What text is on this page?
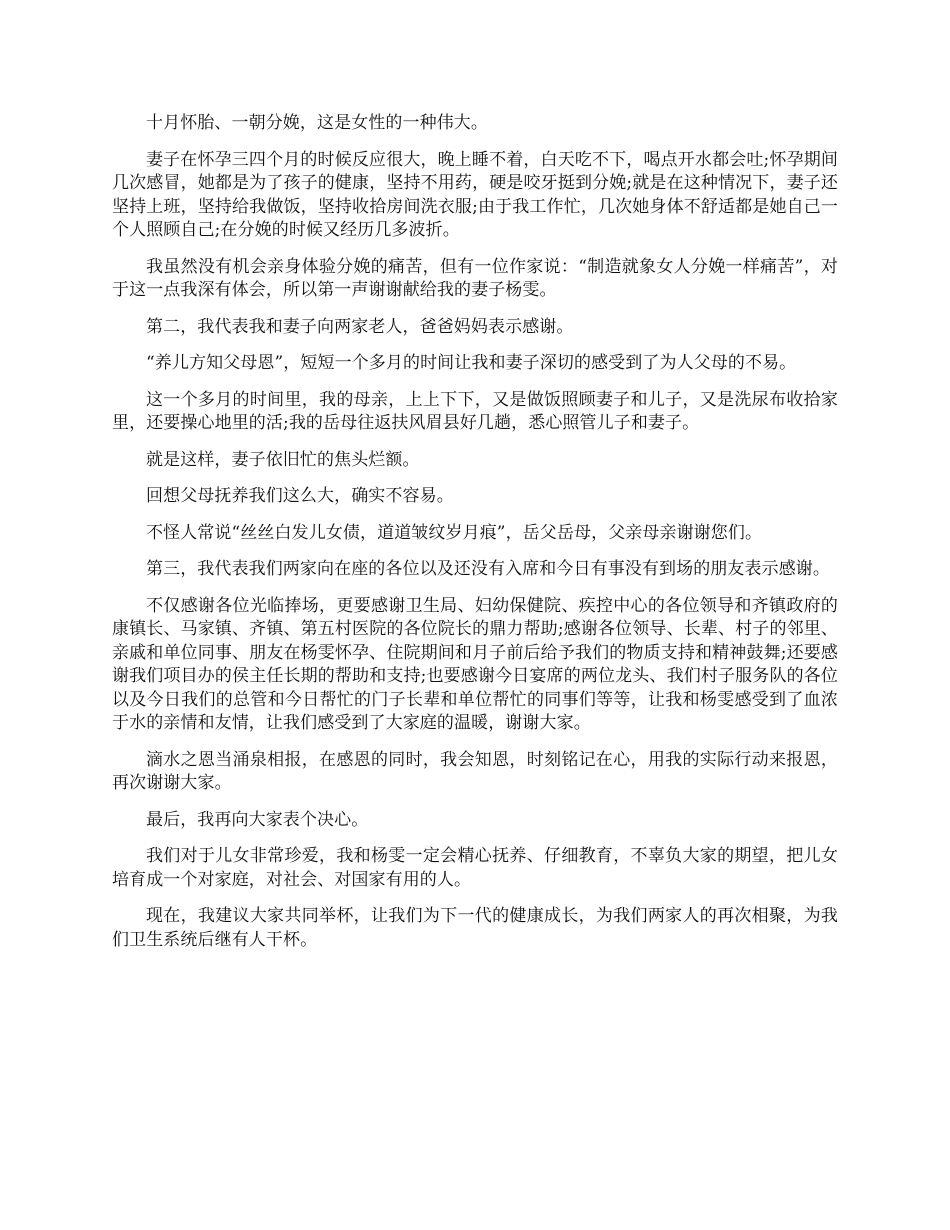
十月怀胎、一朝分娩，这是女性的一种伟大。

妻子在怀孕三四个月的时候反应很大，晚上睡不着，白天吃不下，喝点开水都会吐;怀孕期间几次感冒，她都是为了孩子的健康，坚持不用药，硬是咬牙挺到分娩;就是在这种情况下，妻子还坚持上班，坚持给我做饭，坚持收拾房间洗衣服;由于我工作忙，几次她身体不舒适都是她自己一个人照顾自己;在分娩的时候又经历几多波折。

我虽然没有机会亲身体验分娩的痛苦，但有一位作家说：“制造就象女人分娩一样痛苦”，对于这一点我深有体会，所以第一声谢谢献给我的妻子杨雯。

第二，我代表我和妻子向两家老人，爸爸妈妈表示感谢。

“养儿方知父母恩”，短短一个多月的时间让我和妻子深切的感受到了为人父母的不易。

这一个多月的时间里，我的母亲，上上下下，又是做饭照顾妻子和儿子，又是洗尿布收拾家里，还要操心地里的活;我的岳母往返扶风眉县好几趟，悉心照管儿子和妻子。

就是这样，妻子依旧忙的焦头烂额。

回想父母抚养我们这么大，确实不容易。

不怪人常说“丝丝白发儿女债，道道皱纹岁月痕”，岳父岳母，父亲母亲谢谢您们。

第三，我代表我们两家向在座的各位以及还没有入席和今日有事没有到场的朋友表示感谢。

不仅感谢各位光临捧场，更要感谢卫生局、妇幼保健院、疾控中心的各位领导和齐镇政府的康镇长、马家镇、齐镇、第五村医院的各位院长的鼎力帮助;感谢各位领导、长辈、村子的邻里、亲戚和单位同事、朋友在杨雯怀孕、住院期间和月子前后给予我们的物质支持和精神鼓舞;还要感谢我们项目办的侯主任长期的帮助和支持;也要感谢今日宴席的两位龙头、我们村子服务队的各位以及今日我们的总管和今日帮忙的门子长辈和单位帮忙的同事们等等，让我和杨雯感受到了血浓于水的亲情和友情，让我们感受到了大家庭的温暖，谢谢大家。

滴水之恩当涌泉相报，在感恩的同时，我会知恩，时刻铭记在心，用我的实际行动来报恩，再次谢谢大家。

最后，我再向大家表个决心。

我们对于儿女非常珍爱，我和杨雯一定会精心抚养、仔细教育，不辜负大家的期望，把儿女培育成一个对家庭，对社会、对国家有用的人。

现在，我建议大家共同举杯，让我们为下一代的健康成长，为我们两家人的再次相聚，为我们卫生系统后继有人干杯。
